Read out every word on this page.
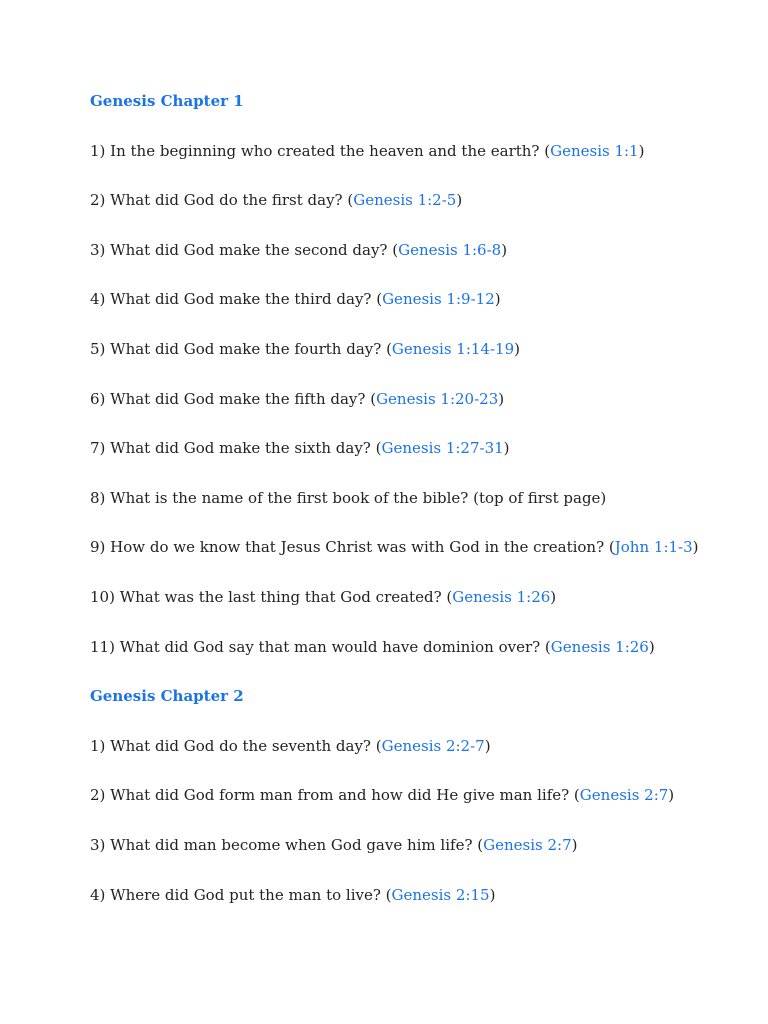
Genesis Chapter 1
1) In the beginning who created the heaven and the earth? (Genesis 1:1)
2) What did God do the first day? (Genesis 1:2-5)
3) What did God make the second day? (Genesis 1:6-8)
4) What did God make the third day? (Genesis 1:9-12)
5) What did God make the fourth day? (Genesis 1:14-19)
6) What did God make the fifth day? (Genesis 1:20-23)
7) What did God make the sixth day? (Genesis 1:27-31)
8) What is the name of the first book of the bible? (top of first page)
9) How do we know that Jesus Christ was with God in the creation? (John 1:1-3)
10) What was the last thing that God created? (Genesis 1:26)
11) What did God say that man would have dominion over? (Genesis 1:26)
Genesis Chapter 2
1) What did God do the seventh day? (Genesis 2:2-7)
2) What did God form man from and how did He give man life? (Genesis 2:7)
3) What did man become when God gave him life? (Genesis 2:7)
4) Where did God put the man to live? (Genesis 2:15)
